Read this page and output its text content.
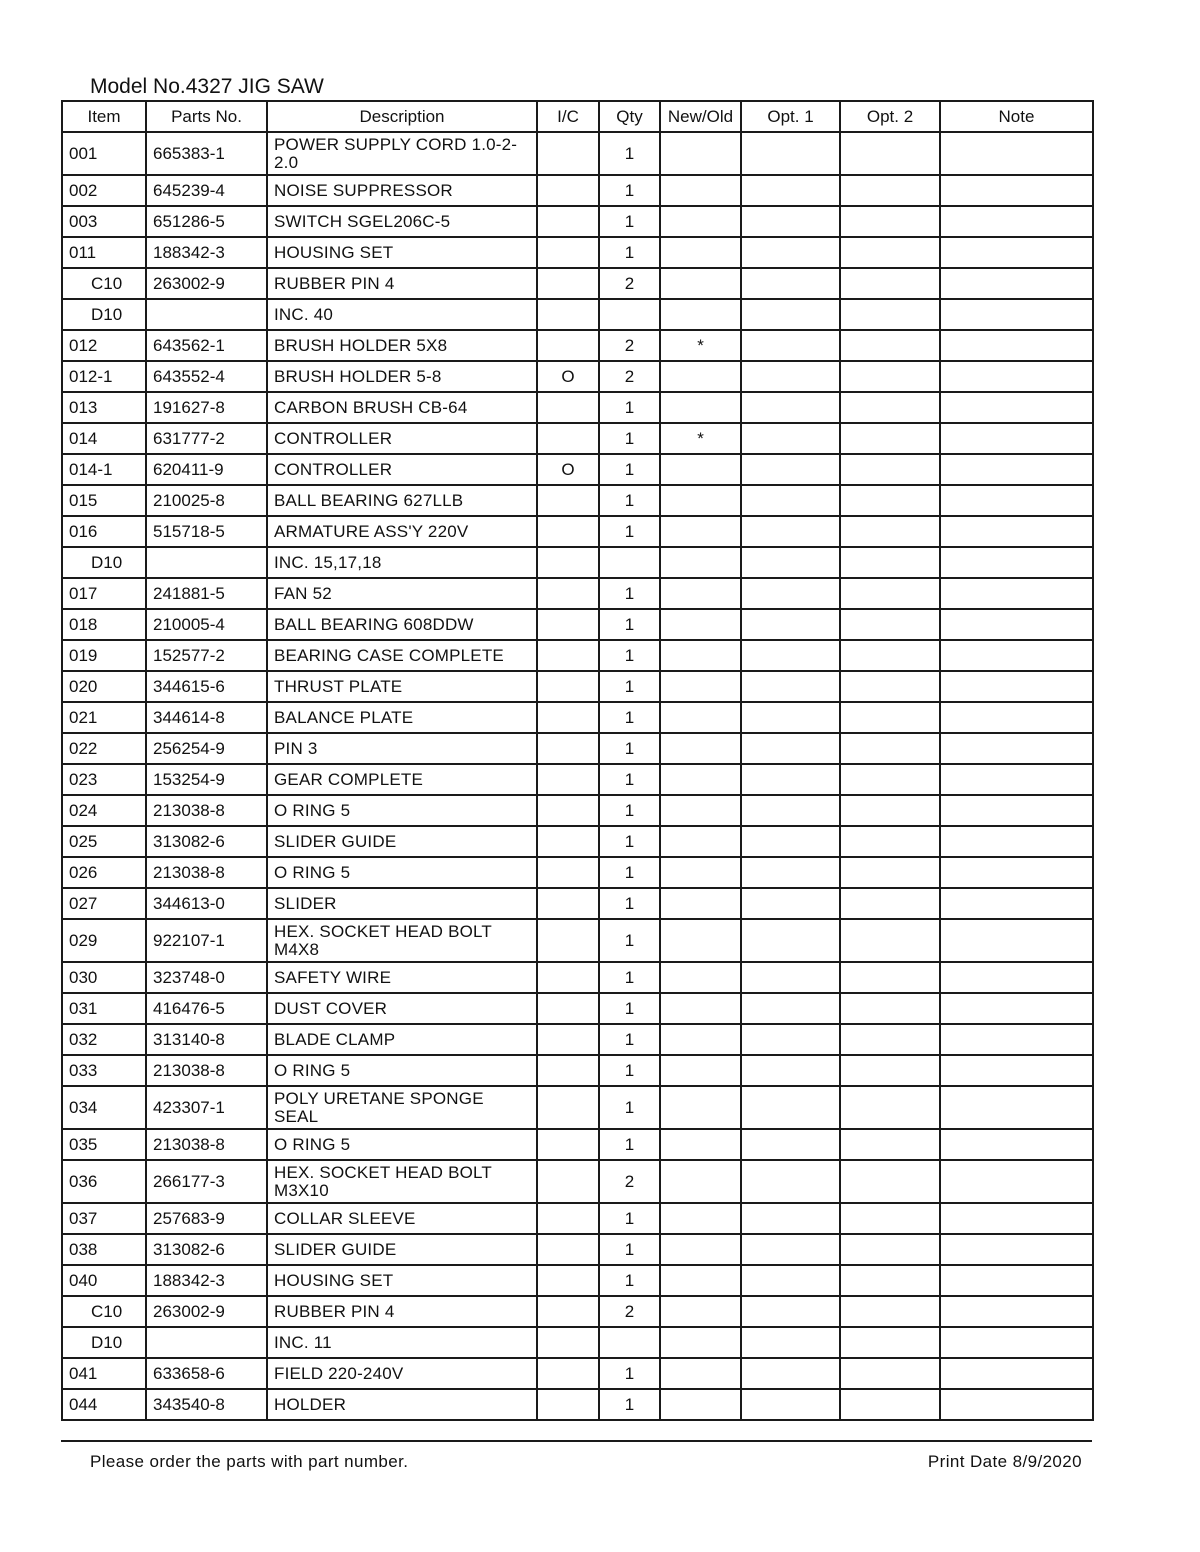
Model No.4327 JIG SAW
Item	Parts No.	Description	I/C	Qty	New/Old	Opt. 1	Opt. 2	Note
001	665383-1	POWER SUPPLY CORD 1.0-2-2.0		1				
002	645239-4	NOISE SUPPRESSOR		1				
003	651286-5	SWITCH SGEL206C-5		1				
011	188342-3	HOUSING SET		1				
C10	263002-9	RUBBER PIN 4		2				
D10		INC. 40						
012	643562-1	BRUSH HOLDER 5X8		2	*			
012-1	643552-4	BRUSH HOLDER 5-8	O	2				
013	191627-8	CARBON BRUSH CB-64		1				
014	631777-2	CONTROLLER		1	*			
014-1	620411-9	CONTROLLER	O	1				
015	210025-8	BALL BEARING 627LLB		1				
016	515718-5	ARMATURE ASS'Y 220V		1				
D10		INC. 15,17,18						
017	241881-5	FAN 52		1				
018	210005-4	BALL BEARING 608DDW		1				
019	152577-2	BEARING CASE COMPLETE		1				
020	344615-6	THRUST PLATE		1				
021	344614-8	BALANCE PLATE		1				
022	256254-9	PIN 3		1				
023	153254-9	GEAR COMPLETE		1				
024	213038-8	O RING 5		1				
025	313082-6	SLIDER GUIDE		1				
026	213038-8	O RING 5		1				
027	344613-0	SLIDER		1				
029	922107-1	HEX. SOCKET HEAD BOLT M4X8		1				
030	323748-0	SAFETY WIRE		1				
031	416476-5	DUST COVER		1				
032	313140-8	BLADE CLAMP		1				
033	213038-8	O RING 5		1				
034	423307-1	POLY URETANE SPONGE SEAL		1				
035	213038-8	O RING 5		1				
036	266177-3	HEX. SOCKET HEAD BOLT M3X10		2				
037	257683-9	COLLAR SLEEVE		1				
038	313082-6	SLIDER GUIDE		1				
040	188342-3	HOUSING SET		1				
C10	263002-9	RUBBER PIN 4		2				
D10		INC. 11						
041	633658-6	FIELD 220-240V		1				
044	343540-8	HOLDER		1				
Please order the parts with part number.	Print Date 8/9/2020
